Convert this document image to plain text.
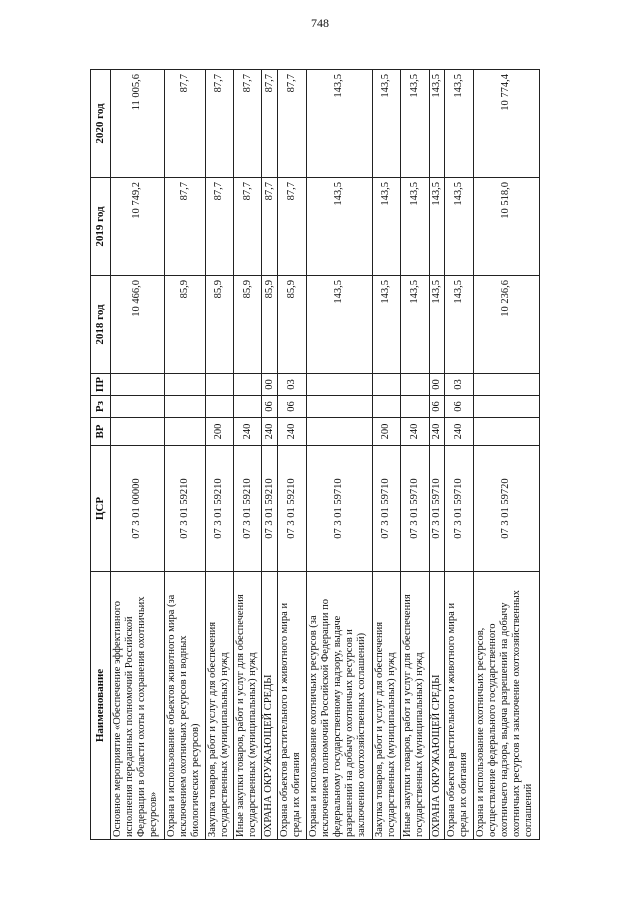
748
Наименование	ЦСР	ВР	Рз	ПР	2018 год	2019 год	2020 год
Основное мероприятие «Обеспечение эффективного исполнения переданных полномочий Российской Федерации в области охоты и сохранения охотничьих ресурсов»	07 3 01 00000				10 466,0	10 749,2	11 005,6
Охрана и использование объектов животного мира (за исключением охотничьих ресурсов и водных биологических ресурсов)	07 3 01 59210				85,9	87,7	87,7
Закупка товаров, работ и услуг для обеспечения государственных (муниципальных) нужд	07 3 01 59210	200			85,9	87,7	87,7
Иные закупки товаров, работ и услуг для обеспечения государственных (муниципальных) нужд	07 3 01 59210	240			85,9	87,7	87,7
ОХРАНА ОКРУЖАЮЩЕЙ СРЕДЫ	07 3 01 59210	240	06	00	85,9	87,7	87,7
Охрана объектов растительного и животного мира и среды их обитания	07 3 01 59210	240	06	03	85,9	87,7	87,7
Охрана и использование охотничьих ресурсов (за исключением полномочий Российской Федерации по федеральному государственному надзору, выдаче разрешений на добычу охотничьих ресурсов и заключению охотхозяйственных соглашений)	07 3 01 59710				143,5	143,5	143,5
Закупка товаров, работ и услуг для обеспечения государственных (муниципальных) нужд	07 3 01 59710	200			143,5	143,5	143,5
Иные закупки товаров, работ и услуг для обеспечения государственных (муниципальных) нужд	07 3 01 59710	240			143,5	143,5	143,5
ОХРАНА ОКРУЖАЮЩЕЙ СРЕДЫ	07 3 01 59710	240	06	00	143,5	143,5	143,5
Охрана объектов растительного и животного мира и среды их обитания	07 3 01 59710	240	06	03	143,5	143,5	143,5
Охрана и использование охотничьих ресурсов, осуществление федерального государственного охотничьего надзора, выдача разрешений на добычу охотничьих ресурсов и заключение охотхозяйственных соглашений	07 3 01 59720				10 236,6	10 518,0	10 774,4
